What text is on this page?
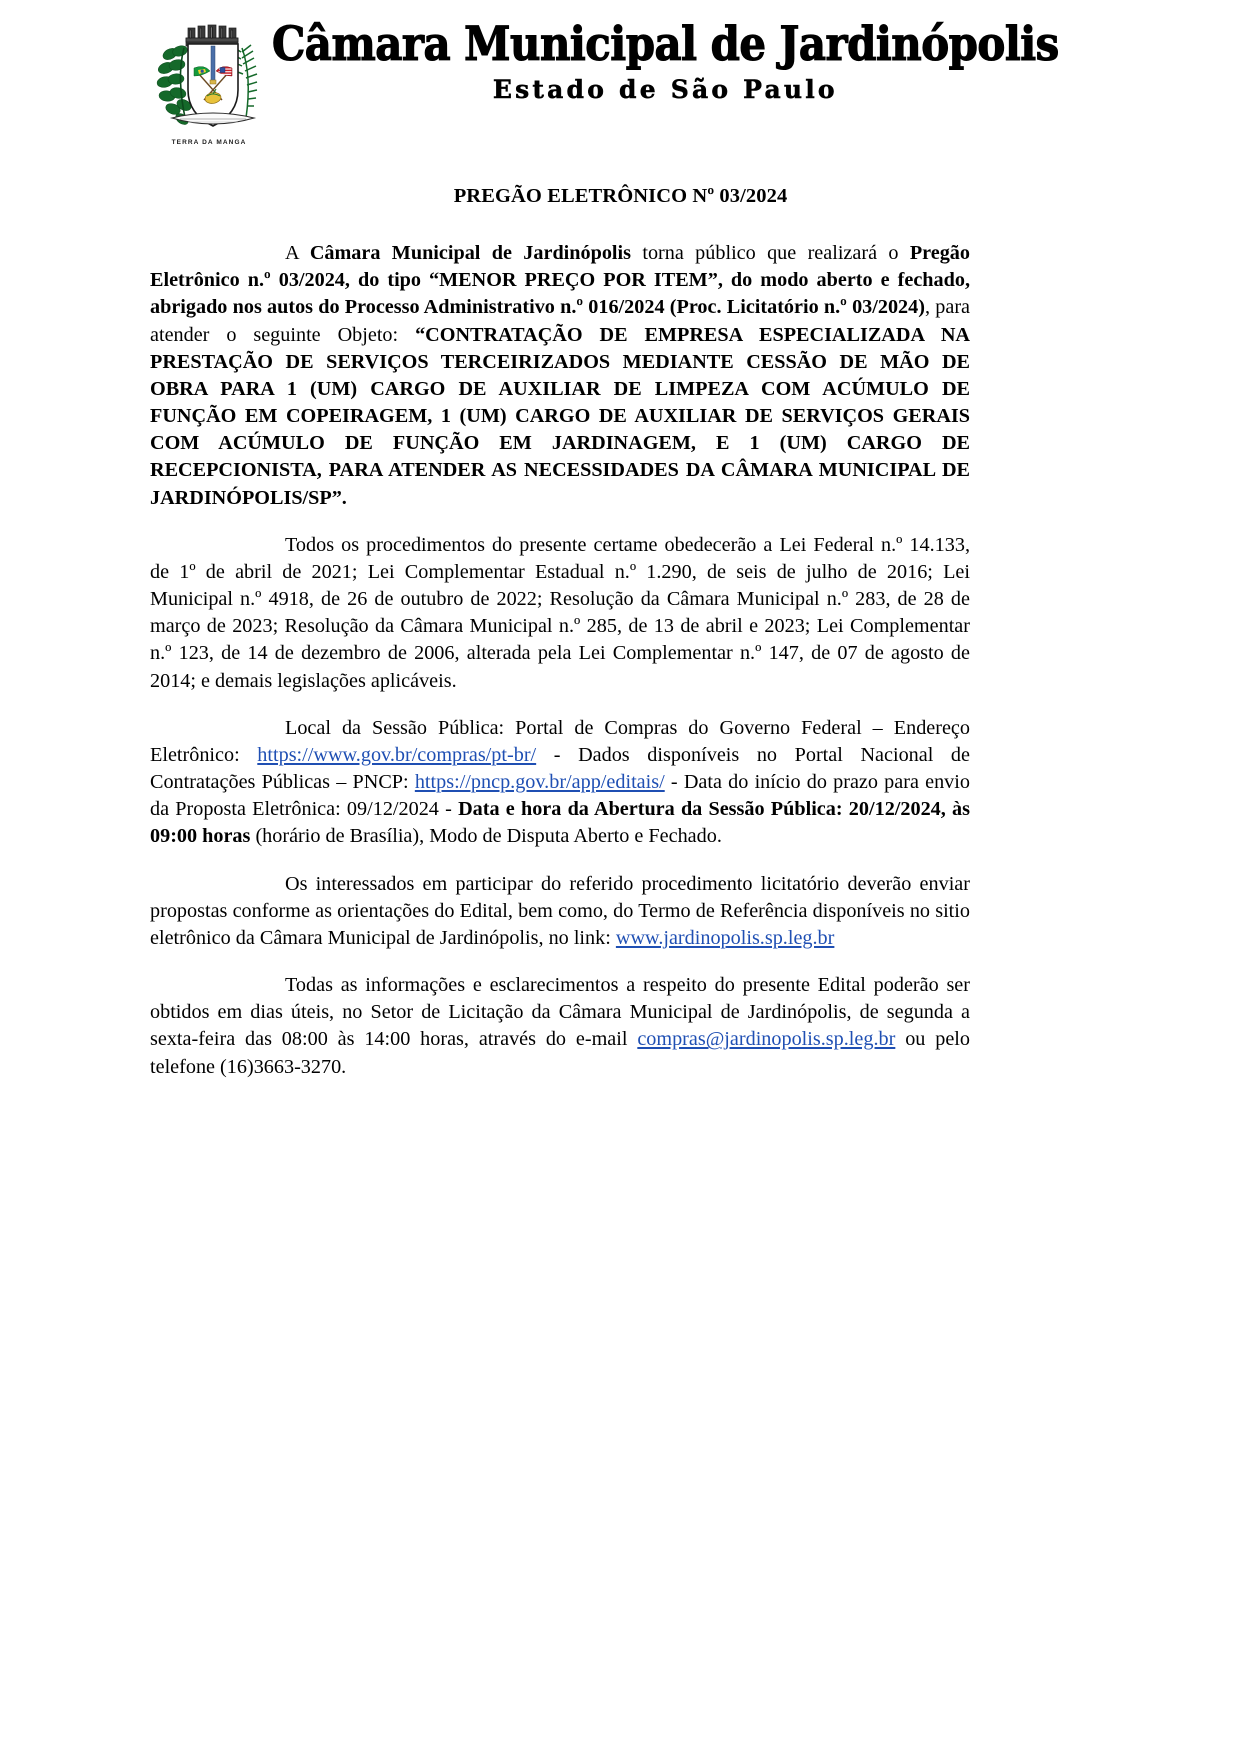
TERRA DA MANGA
Câmara Municipal de Jardinópolis
Estado de São Paulo
PREGÃO ELETRÔNICO Nº 03/2024

A Câmara Municipal de Jardinópolis torna público que realizará o Pregão Eletrônico n.º 03/2024, do tipo “MENOR PREÇO POR ITEM”, do modo aberto e fechado, abrigado nos autos do Processo Administrativo n.º 016/2024 (Proc. Licitatório n.º 03/2024), para atender o seguinte Objeto: “CONTRATAÇÃO DE EMPRESA ESPECIALIZADA NA PRESTAÇÃO DE SERVIÇOS TERCEIRIZADOS MEDIANTE CESSÃO DE MÃO DE OBRA PARA 1 (UM) CARGO DE AUXILIAR DE LIMPEZA COM ACÚMULO DE FUNÇÃO EM COPEIRAGEM, 1 (UM) CARGO DE AUXILIAR DE SERVIÇOS GERAIS COM ACÚMULO DE FUNÇÃO EM JARDINAGEM, E 1 (UM) CARGO DE RECEPCIONISTA, PARA ATENDER AS NECESSIDADES DA CÂMARA MUNICIPAL DE JARDINÓPOLIS/SP”.

Todos os procedimentos do presente certame obedecerão a Lei Federal n.º 14.133, de 1º de abril de 2021; Lei Complementar Estadual n.º 1.290, de seis de julho de 2016; Lei Municipal n.º 4918, de 26 de outubro de 2022; Resolução da Câmara Municipal n.º 283, de 28 de março de 2023; Resolução da Câmara Municipal n.º 285, de 13 de abril e 2023; Lei Complementar n.º 123, de 14 de dezembro de 2006, alterada pela Lei Complementar n.º 147, de 07 de agosto de 2014; e demais legislações aplicáveis.

Local da Sessão Pública: Portal de Compras do Governo Federal – Endereço Eletrônico: https://www.gov.br/compras/pt-br/ - Dados disponíveis no Portal Nacional de Contratações Públicas – PNCP: https://pncp.gov.br/app/editais/ - Data do início do prazo para envio da Proposta Eletrônica: 09/12/2024 - Data e hora da Abertura da Sessão Pública: 20/12/2024, às 09:00 horas (horário de Brasília), Modo de Disputa Aberto e Fechado.

Os interessados em participar do referido procedimento licitatório deverão enviar propostas conforme as orientações do Edital, bem como, do Termo de Referência disponíveis no sitio eletrônico da Câmara Municipal de Jardinópolis, no link: www.jardinopolis.sp.leg.br

Todas as informações e esclarecimentos a respeito do presente Edital poderão ser obtidos em dias úteis, no Setor de Licitação da Câmara Municipal de Jardinópolis, de segunda a sexta-feira das 08:00 às 14:00 horas, através do e-mail compras@jardinopolis.sp.leg.br ou pelo telefone (16)3663-3270.
